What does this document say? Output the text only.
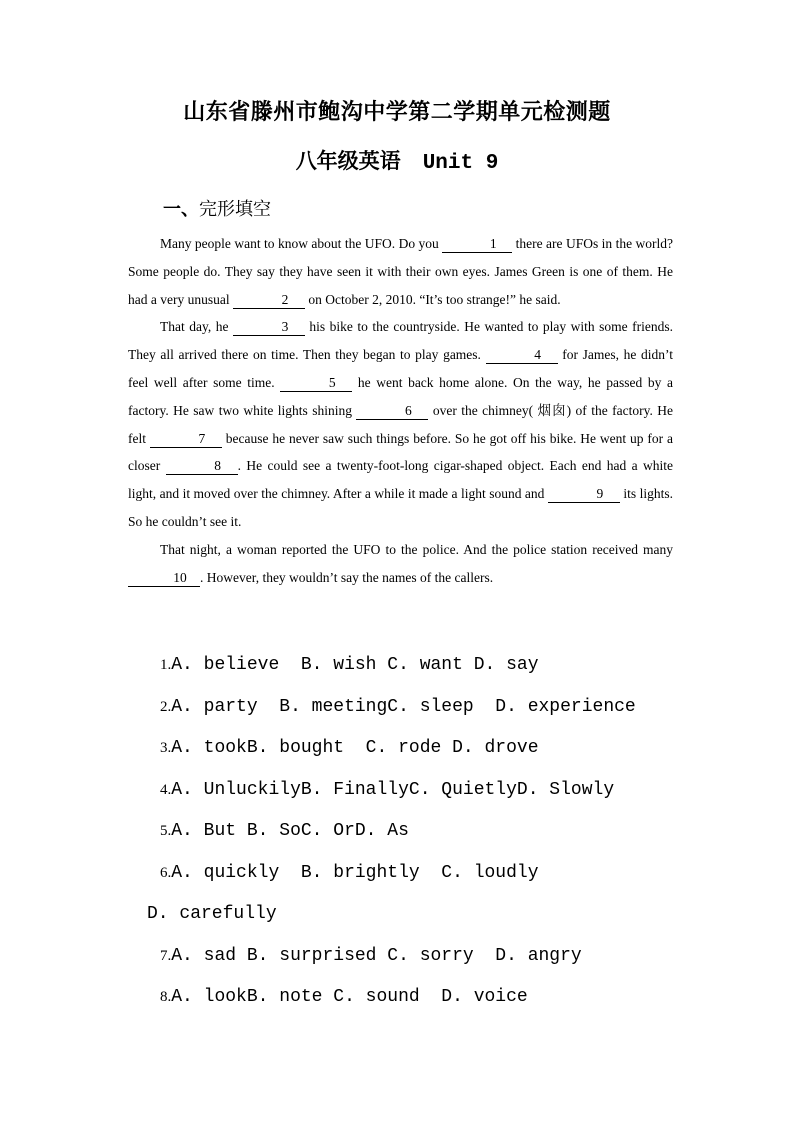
山东省滕州市鲍沟中学第二学期单元检测题
八年级英语 Unit 9
一、完形填空

Many people want to know about the UFO. Do you	1 there are UFOs in the world? Some people do. They say they have seen it with their own eyes. James Green is one of them. He had a very unusual	2 on October 2, 2010. “It’s too strange!” he said.

That day, he	3 his bike to the countryside. He wanted to play with some friends. They all arrived there on time. Then they began to play games.	4 for James, he didn’t feel well after some time.	5 he went back home alone. On the way, he passed by a factory. He saw two white lights shining	6 over the chimney( 烟囱) of the factory. He felt	7 because he never saw such things before. So he got off his bike. He went up for a closer	8 . He could see a twenty-foot-long cigar-shaped object. Each end had a white light, and it moved over the chimney. After a while it made a light sound and	9 its lights. So he couldn’t see it.

That night, a woman reported the UFO to the police. And the police station received many 10 . However, they wouldn’t say the names of the callers.

1.A. believe  B. wish C. want D. say
2.A. party  B. meetingC. sleep  D. experience
3.A. tookB. bought  C. rode D. drove
4.A. UnluckilyB. FinallyC. QuietlyD. Slowly
5.A. But B. SoC. OrD. As
6.A. quickly  B. brightly  C. loudly
D. carefully
7.A. sad B. surprised C. sorry  D. angry
8.A. lookB. note C. sound  D. voice
